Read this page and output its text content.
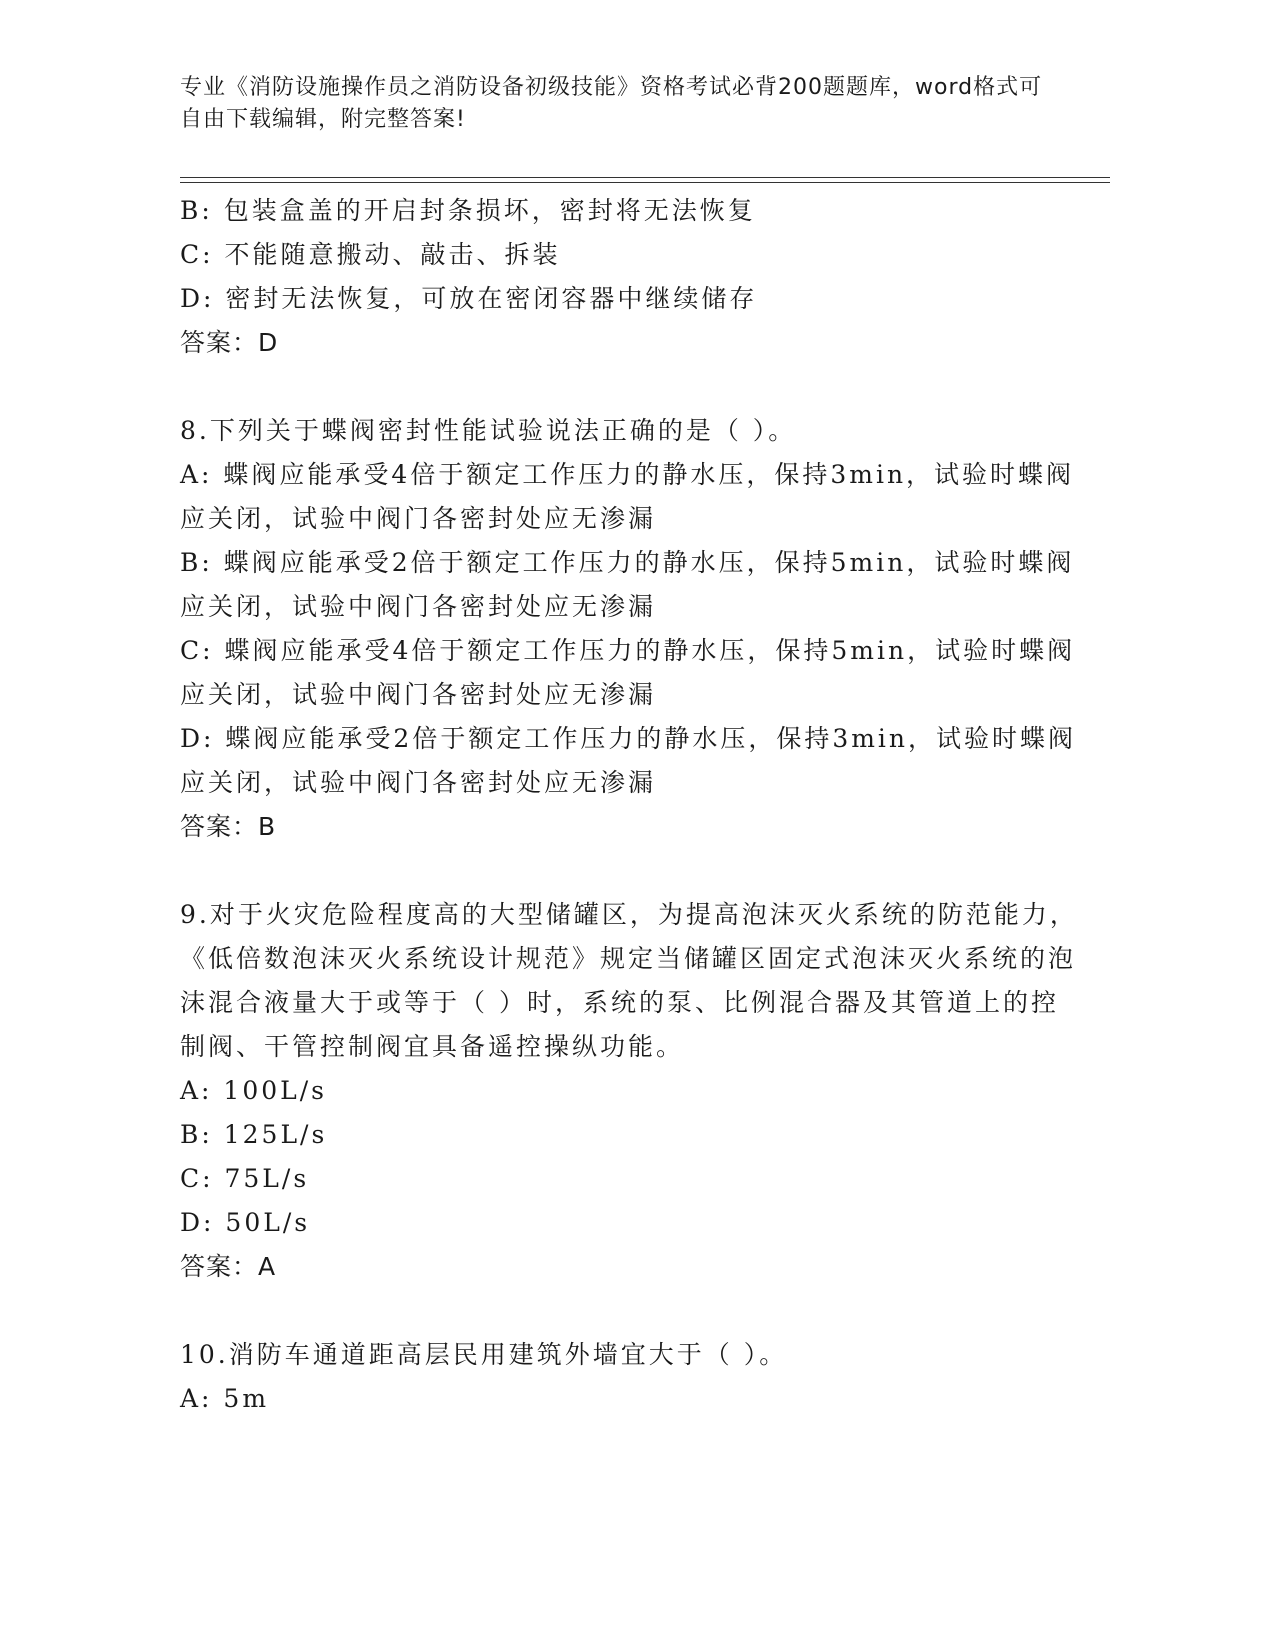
专业《消防设施操作员之消防设备初级技能》资格考试必背200题题库，word格式可自由下载编辑，附完整答案!
B: 包装盒盖的开启封条损坏，密封将无法恢复
C: 不能随意搬动、敲击、拆装
D: 密封无法恢复，可放在密闭容器中继续储存
答案：D
8.下列关于蝶阀密封性能试验说法正确的是（ ）。
A: 蝶阀应能承受4倍于额定工作压力的静水压，保持3min，试验时蝶阀应关闭，试验中阀门各密封处应无渗漏
B: 蝶阀应能承受2倍于额定工作压力的静水压，保持5min，试验时蝶阀应关闭，试验中阀门各密封处应无渗漏
C: 蝶阀应能承受4倍于额定工作压力的静水压，保持5min，试验时蝶阀应关闭，试验中阀门各密封处应无渗漏
D: 蝶阀应能承受2倍于额定工作压力的静水压，保持3min，试验时蝶阀应关闭，试验中阀门各密封处应无渗漏
答案：B
9.对于火灾危险程度高的大型储罐区，为提高泡沫灭火系统的防范能力，《低倍数泡沫灭火系统设计规范》规定当储罐区固定式泡沫灭火系统的泡沫混合液量大于或等于（ ）时，系统的泵、比例混合器及其管道上的控制阀、干管控制阀宜具备遥控操纵功能。
A: 100L/s
B: 125L/s
C: 75L/s
D: 50L/s
答案：A
10.消防车通道距高层民用建筑外墙宜大于（ ）。
A: 5m
